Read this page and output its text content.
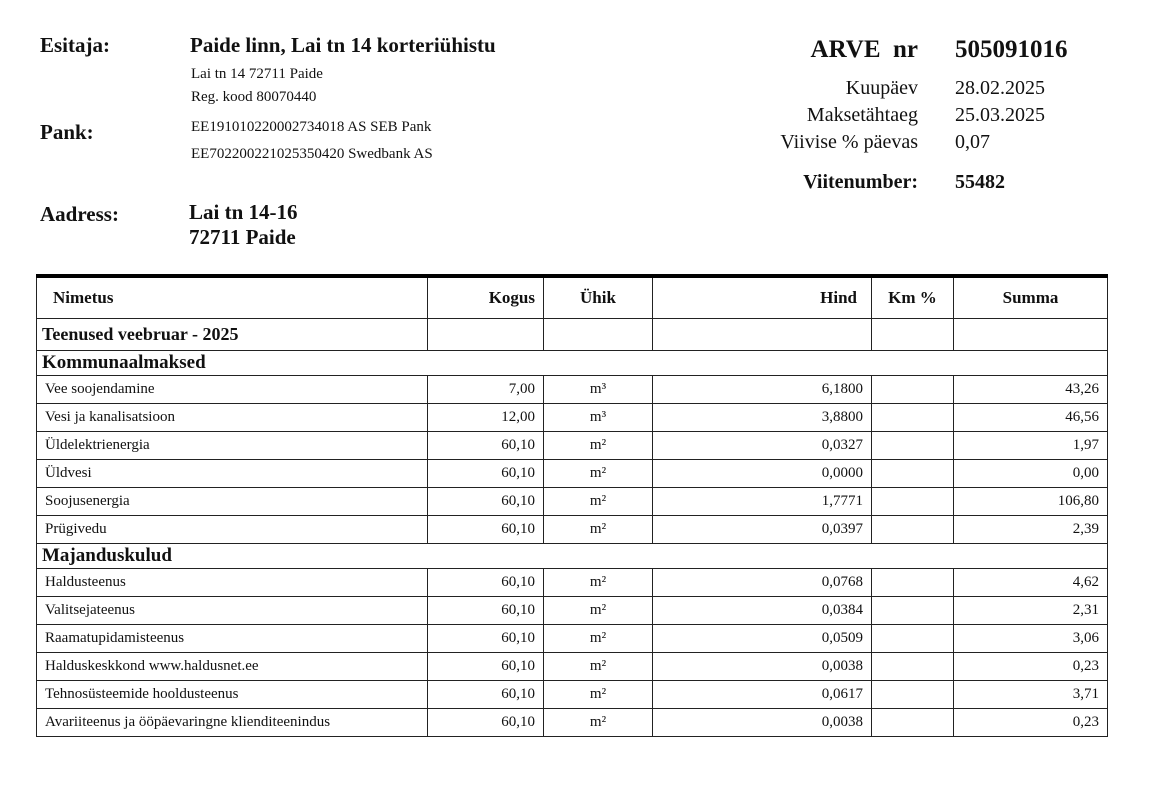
Esitaja:	Paide linn, Lai tn 14 korteriühistu
Lai tn 14 72711 Paide
Reg. kood 80070440
Pank:	EE191010220002734018 AS SEB Pank
EE702200221025350420 Swedbank AS
Aadress:	Lai tn 14-16
72711 Paide
ARVE  nr 505091016
Kuupäev 28.02.2025
Maksetähtaeg 25.03.2025
Viivise % päevas 0,07
Viitenumber: 55482
Nimetus	Kogus	Ühik	Hind	Km %	Summa
Teenused veebruar - 2025					
Kommunaalmaksed					
Vee soojendamine	7,00	m³	6,1800		43,26
Vesi ja kanalisatsioon	12,00	m³	3,8800		46,56
Üldelektrienergia	60,10	m²	0,0327		1,97
Üldvesi	60,10	m²	0,0000		0,00
Soojusenergia	60,10	m²	1,7771		106,80
Prügivedu	60,10	m²	0,0397		2,39
Majanduskulud					
Haldusteenus	60,10	m²	0,0768		4,62
Valitsejateenus	60,10	m²	0,0384		2,31
Raamatupidamisteenus	60,10	m²	0,0509		3,06
Halduskeskkond www.haldusnet.ee	60,10	m²	0,0038		0,23
Tehnosüsteemide hooldusteenus	60,10	m²	0,0617		3,71
Avariiteenus ja ööpäevaringne klienditeenindus	60,10	m²	0,0038		0,23
